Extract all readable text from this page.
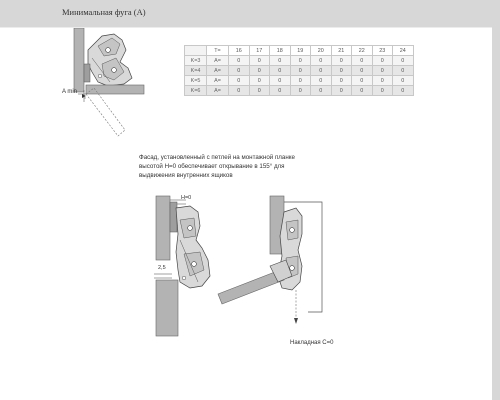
Минимальная фуга (A)
A min
	T=	16	17	18	19	20	21	22	23	24
K=3	A=	0	0	0	0	0	0	0	0	0
K=4	A=	0	0	0	0	0	0	0	0	0
K=5	A=	0	0	0	0	0	0	0	0	0
K=6	A=	0	0	0	0	0	0	0	0	0
Фасад, установленный с петлей на монтажной планке
высотой H=0 обеспечивает открывание в 155° для
выдвижения внутренних ящиков
H=0
2,5
Накладная C=0
